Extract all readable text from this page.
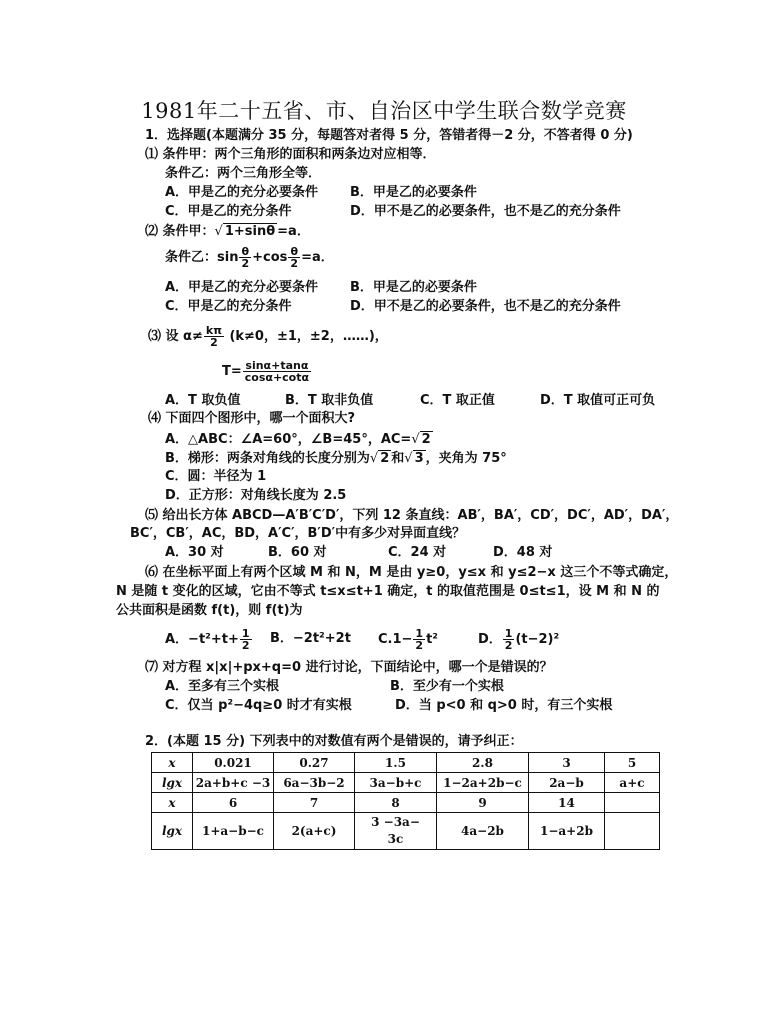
1981年二十五省、市、自治区中学生联合数学竞赛
1．选择题(本题满分 35 分，每题答对者得 5 分，答错者得－2 分，不答者得 0 分)
⑴ 条件甲：两个三角形的面积和两条边对应相等．
条件乙：两个三角形全等．
A．甲是乙的充分必要条件 B．甲是乙的必要条件
C．甲是乙的充分条件	D．甲不是乙的必要条件，也不是乙的充分条件
⑵ 条件甲：√ 1+sinθ =a．
条件乙：$\sin \frac{\theta}{2} +\cos \frac{\theta}{2} =a$．
A．甲是乙的充分必要条件 B．甲是乙的必要条件
C．甲是乙的充分条件	D．甲不是乙的必要条件，也不是乙的充分条件
⑶ 设 $\alpha\ne \frac{k\pi}{2} (k\ne 0$，±1，±2，……)，
$T= \frac{\sin\alpha+\tan\alpha}{\cos\alpha+\cot\alpha}$
A．T 取负值	B．T 取非负值	C．T 取正值	D．T 取值可正可负
⑷ 下面四个图形中，哪一个面积大?
A．△ABC：∠A=60°，∠B=45°，AC=√ 2
B．梯形：两条对角线的长度分别为√ 2 和√ 3 ，夹角为 75°
C．圆：半径为 1
D．正方形：对角线长度为 2.5
⑸ 给出长方体 ABCD—A′B′C′D′，下列 12 条直线：AB′，BA′，CD′，DC′，AD′，DA′，
BC′，CB′，AC，BD，A′C′，B′D′中有多少对异面直线？
A．30 对	B．60 对	C．24 对	D．48 对
⑹ 在坐标平面上有两个区域 M 和 N，M 是由 y≥0，y≤x 和 y≤2−x 这三个不等式确定，
N 是随 t 变化的区域，它由不等式 t≤x≤t+1 确定，t 的取值范围是 0≤t≤1，设 M 和 N 的
公共面积是函数 f(t)，则 f(t)为
A．$-t^2+t+ \frac{1}{2}$ B．−2t²+2t $C.1- \frac{1}{2} t^2$	D． $\frac{1}{2} (t-2)^2$
⑺ 对方程 x|x|+px+q=0 进行讨论，下面结论中，哪一个是错误的？
A．至多有三个实根	B．至少有一个实根
C．仅当 p²−4q≥0 时才有实根	D．当 p<0 和 q>0 时，有三个实根
2．(本题 15 分) 下列表中的对数值有两个是错误的，请予纠正：
x	0.021	0.27	1.5	2.8	3	5
lgx	2a+b+c −3	6a−3b−2	3a−b+c	1−2a+2b−c	2a−b	a+c
x	6	7	8	9	14	
lgx	1+a−b−c	2(a+c)	3 −3a−
3c	4a−2b	1−a+2b	
